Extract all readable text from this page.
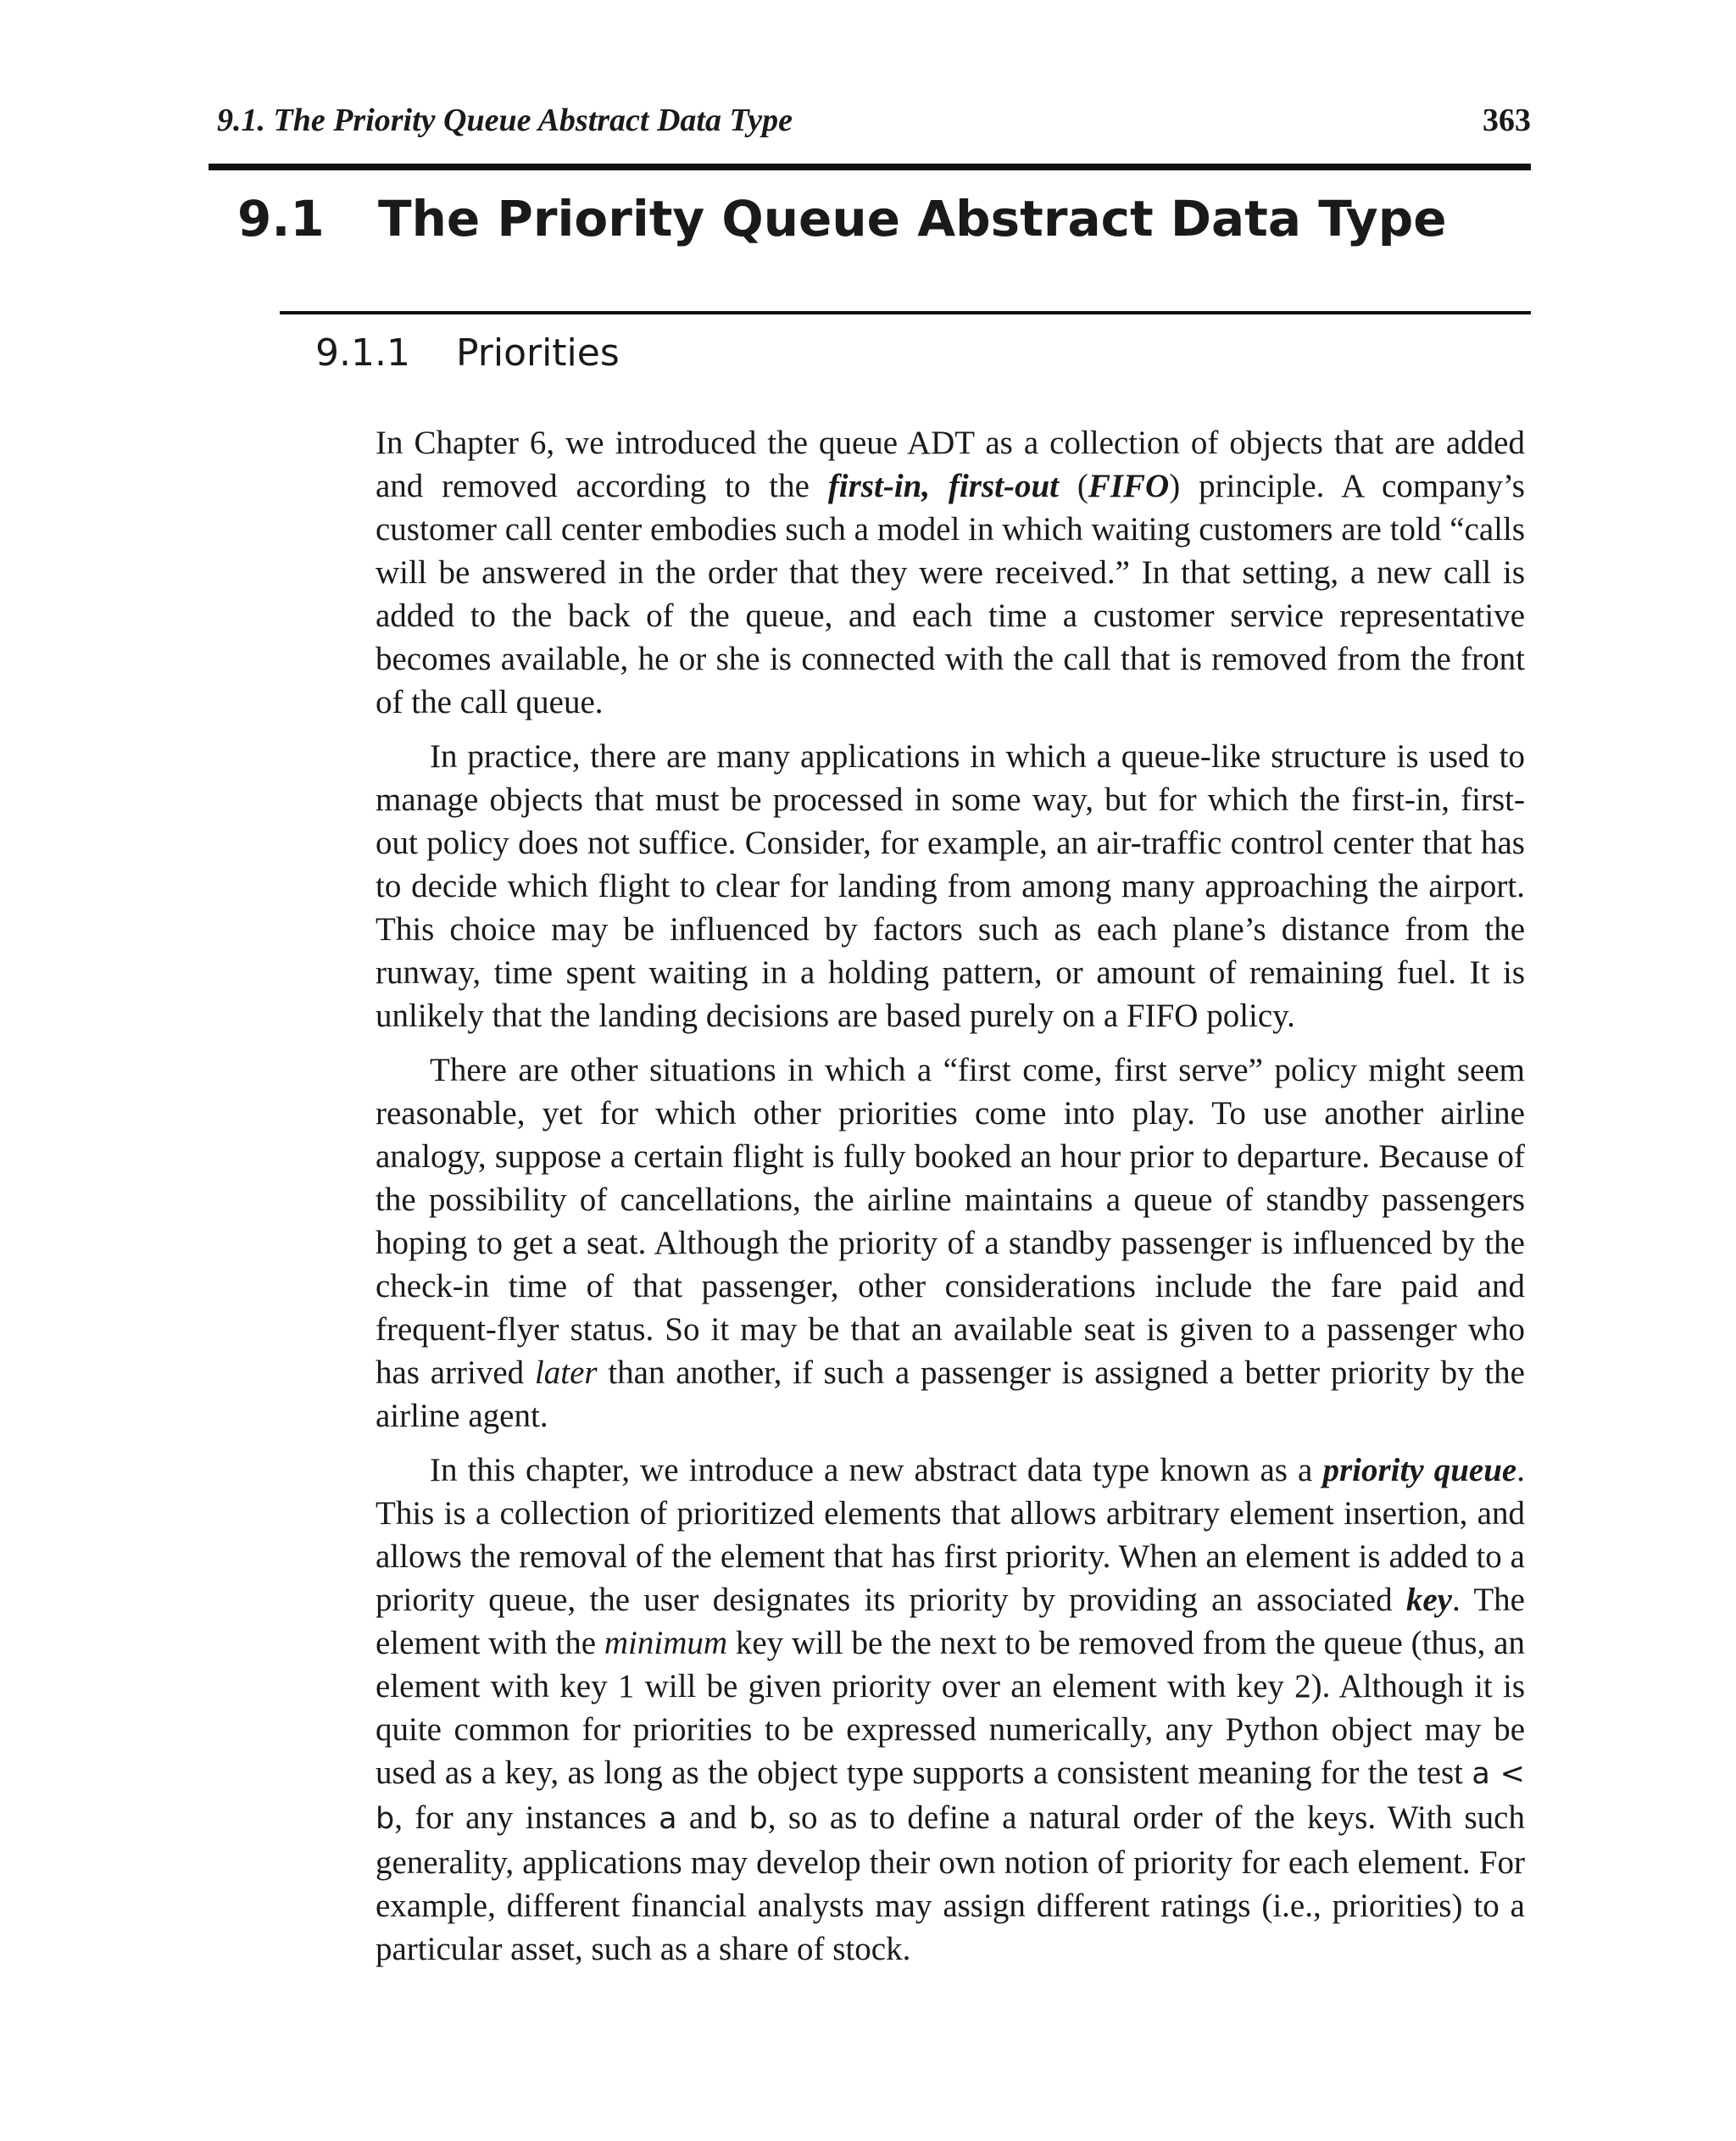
9.1. The Priority Queue Abstract Data Type	363
9.1 The Priority Queue Abstract Data Type
9.1.1 Priorities

In Chapter 6, we introduced the queue ADT as a collection of objects that are added and removed according to the first-in, first-out (FIFO) principle. A company’s customer call center embodies such a model in which waiting customers are told “calls will be answered in the order that they were received.” In that setting, a new call is added to the back of the queue, and each time a customer service representative becomes available, he or she is connected with the call that is removed from the front of the call queue.

In practice, there are many applications in which a queue-like structure is used to manage objects that must be processed in some way, but for which the first-in, first-out policy does not suffice. Consider, for example, an air-traffic control center that has to decide which flight to clear for landing from among many approaching the airport. This choice may be influenced by factors such as each plane’s distance from the runway, time spent waiting in a holding pattern, or amount of remaining fuel. It is unlikely that the landing decisions are based purely on a FIFO policy.

There are other situations in which a “first come, first serve” policy might seem reasonable, yet for which other priorities come into play. To use another airline analogy, suppose a certain flight is fully booked an hour prior to departure. Because of the possibility of cancellations, the airline maintains a queue of standby passengers hoping to get a seat. Although the priority of a standby passenger is influenced by the check-in time of that passenger, other considerations include the fare paid and frequent-flyer status. So it may be that an available seat is given to a passenger who has arrived later than another, if such a passenger is assigned a better priority by the airline agent.

In this chapter, we introduce a new abstract data type known as a priority queue. This is a collection of prioritized elements that allows arbitrary element insertion, and allows the removal of the element that has first priority. When an element is added to a priority queue, the user designates its priority by providing an associated key. The element with the minimum key will be the next to be removed from the queue (thus, an element with key 1 will be given priority over an element with key 2). Although it is quite common for priorities to be expressed numerically, any Python object may be used as a key, as long as the object type supports a consistent meaning for the test a < b, for any instances a and b, so as to define a natural order of the keys. With such generality, applications may develop their own notion of priority for each element. For example, different financial analysts may assign different ratings (i.e., priorities) to a particular asset, such as a share of stock.
